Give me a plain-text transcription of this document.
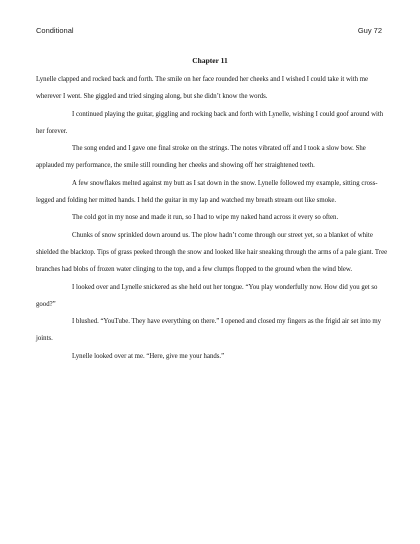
Conditional	Guy 72
Chapter 11

Lynelle clapped and rocked back and forth. The smile on her face rounded her cheeks and I wished I could take it with me wherever I went. She giggled and tried singing along, but she didn’t know the words.

I continued playing the guitar, giggling and rocking back and forth with Lynelle, wishing I could goof around with her forever.

The song ended and I gave one final stroke on the strings. The notes vibrated off and I took a slow bow. She applauded my performance, the smile still rounding her cheeks and showing off her straightened teeth.

A few snowflakes melted against my butt as I sat down in the snow. Lynelle followed my example, sitting cross-legged and folding her mitted hands. I held the guitar in my lap and watched my breath stream out like smoke.

The cold got in my nose and made it run, so I had to wipe my naked hand across it every so often.

Chunks of snow sprinkled down around us. The plow hadn’t come through our street yet, so a blanket of white shielded the blacktop. Tips of grass peeked through the snow and looked like hair sneaking through the arms of a pale giant. Tree branches had blobs of frozen water clinging to the top, and a few clumps flopped to the ground when the wind blew.

I looked over and Lynelle snickered as she held out her tongue. “You play wonderfully now. How did you get so good?”

I blushed. “YouTube. They have everything on there.” I opened and closed my fingers as the frigid air set into my joints.

Lynelle looked over at me. “Here, give me your hands.”
